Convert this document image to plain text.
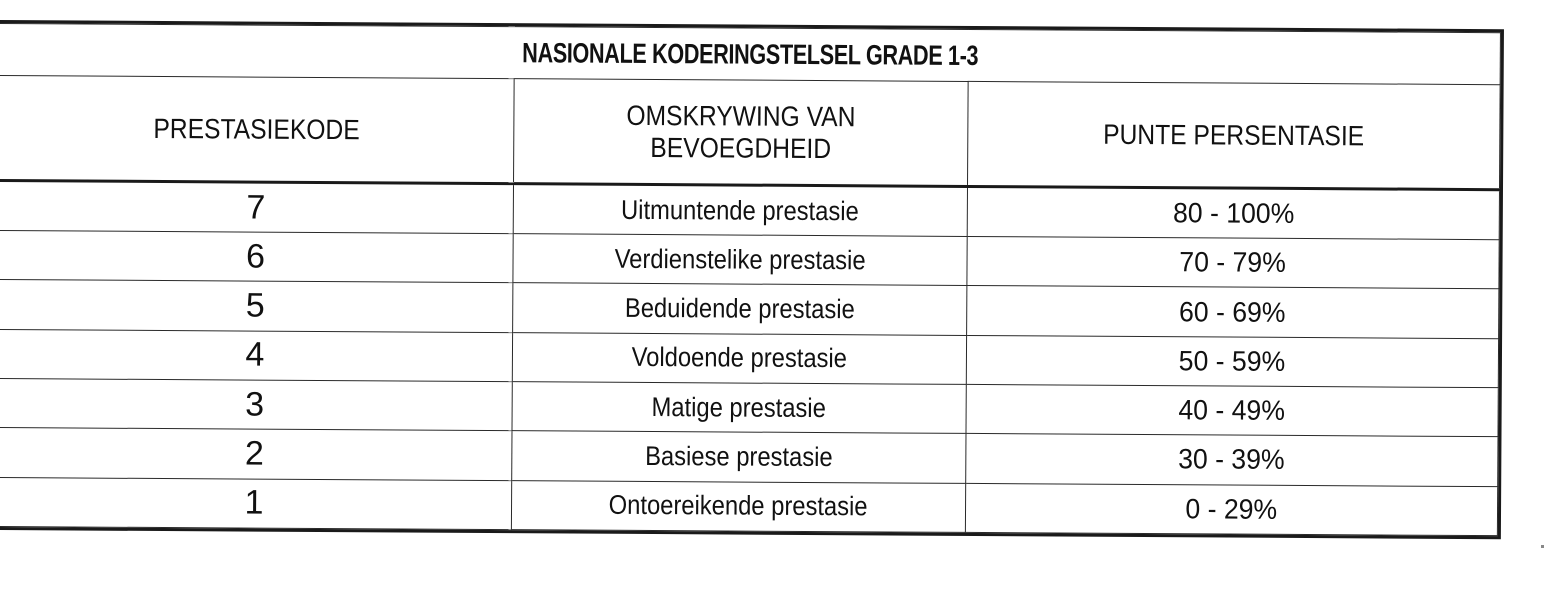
NASIONALE KODERINGSTELSEL GRADE 1-3		
PRESTASIEKODE	OMSKRYWING VAN BEVOEGDHEID	PUNTE PERSENTASIE
7	Uitmuntende prestasie	80 - 100%
6	Verdienstelike prestasie	70 - 79%
5	Beduidende prestasie	60 - 69%
4	Voldoende prestasie	50 - 59%
3	Matige prestasie	40 - 49%
2	Basiese prestasie	30 - 39%
1	Ontoereikende prestasie	0 - 29%
